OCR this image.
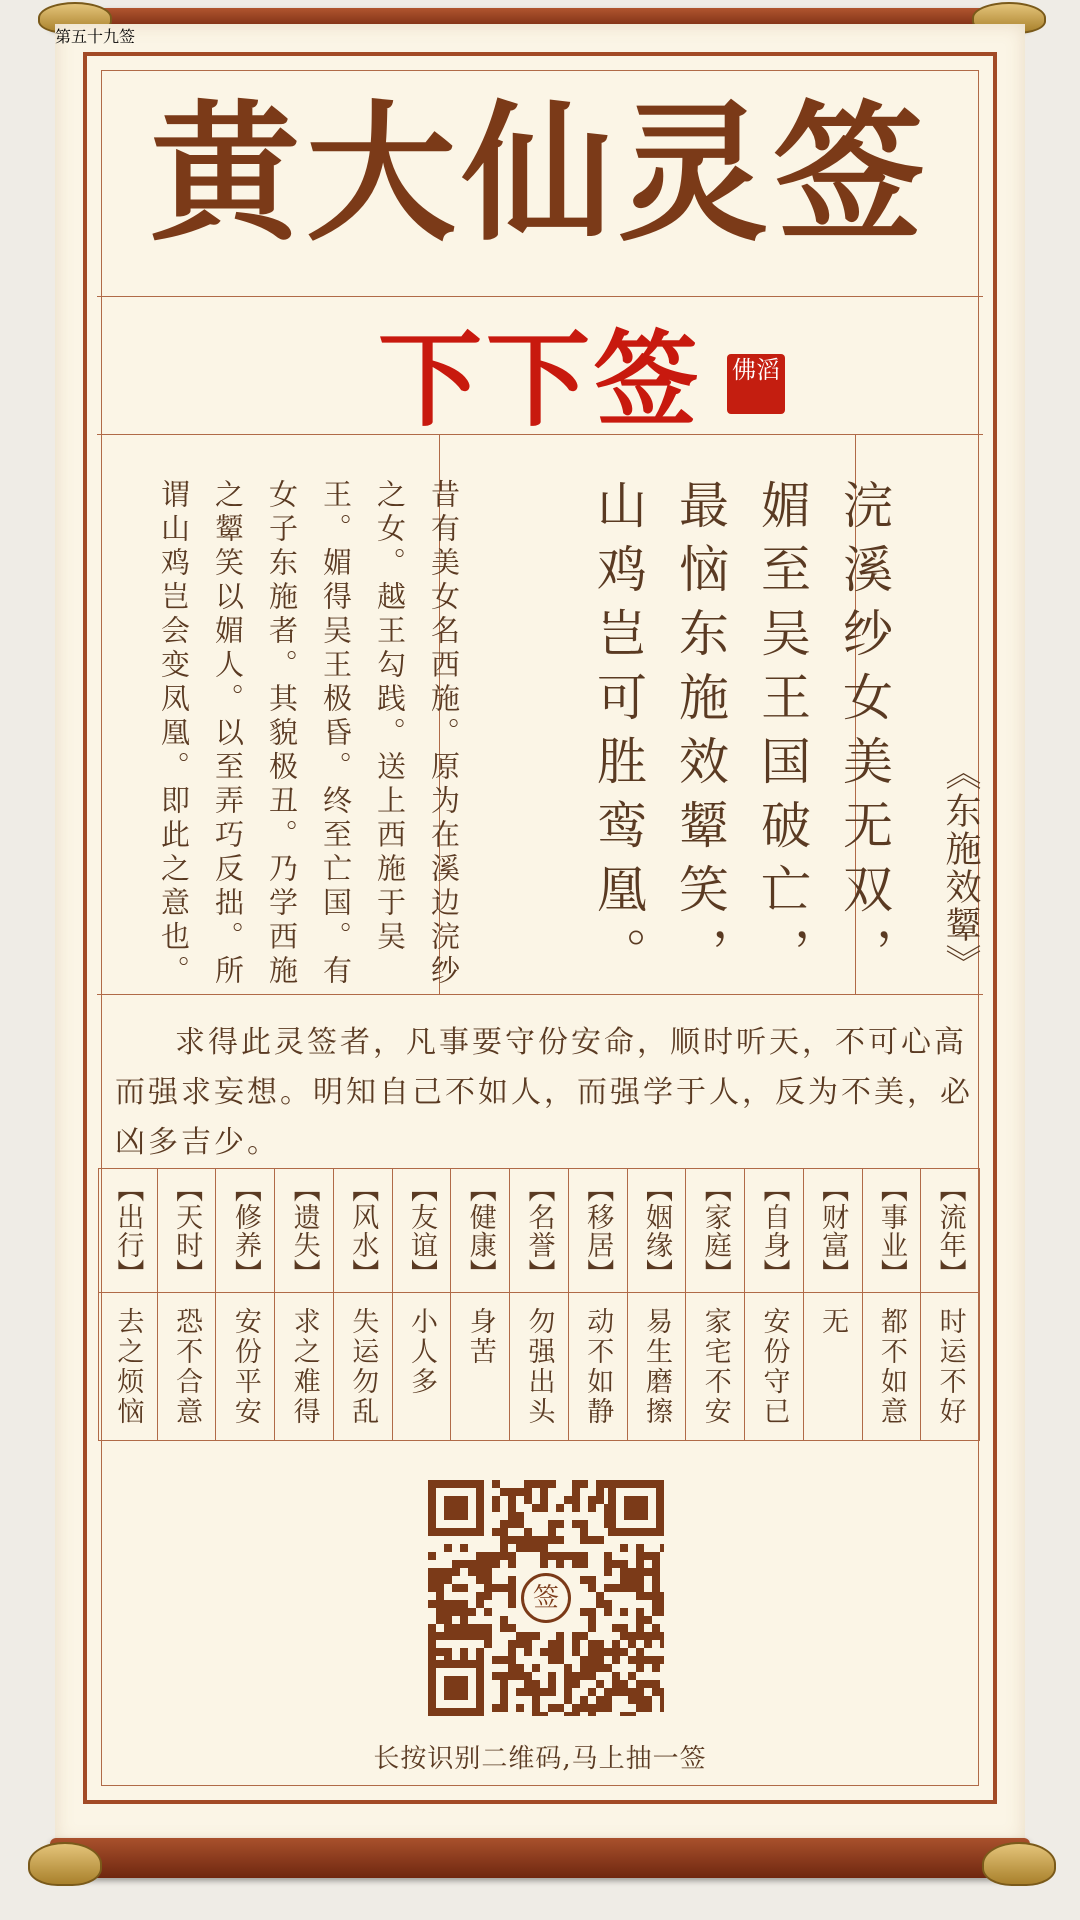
黄大仙灵签
下下签	佛滔
昔有美女名西施。原为在溪边浣纱之女。越王勾践。送上西施于吴王。媚得吴王极昏。终至亡国。有女子东施者。其貌极丑。乃学西施之颦笑以媚人。以至弄巧反拙。所谓山鸡岂会变凤凰。即此之意也。	浣溪纱女美无双，媚至吴王国破亡，最恼东施效颦笑，山鸡岂可胜鸾凰。
第五十九签
《东施效颦》
求得此灵签者，凡事要守份安命，顺时听天，不可心高而强求妄想。明知自己不如人，而强学于人，反为不美，必凶多吉少。
【流年】
时运不好
【事业】
都不如意
【财富】
无
【自身】
安份守已
【家庭】
家宅不安
【姻缘】
易生磨擦
【移居】
动不如静
【名誉】
勿强出头
【健康】
身苦
【友谊】
小人多
【风水】
失运勿乱
【遗失】
求之难得
【修养】
安份平安
【天时】
恐不合意
【出行】
去之烦恼
签
长按识别二维码,马上抽一签
